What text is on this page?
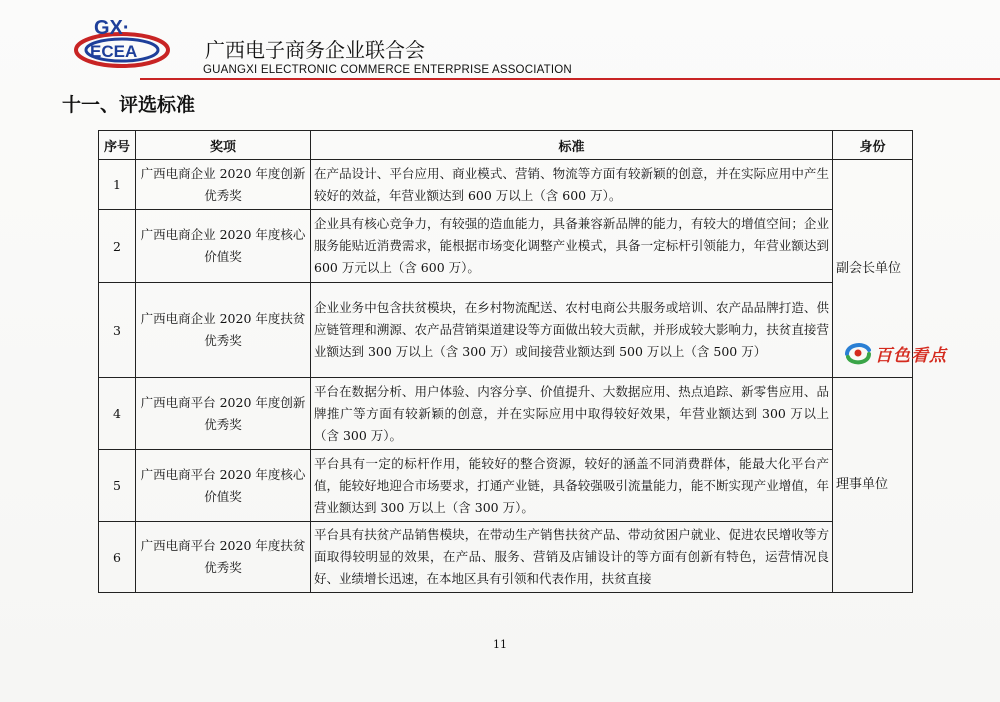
GX·
ECEA	广西电子商务企业联合会
GUANGXI ELECTRONIC COMMERCE ENTERPRISE ASSOCIATION
十一、评选标准
序号	奖项	标准	身份
1	广西电商企业 2020 年度创新优秀奖	在产品设计、平台应用、商业模式、营销、物流等方面有较新颖的创意，并在实际应用中产生较好的效益，年营业额达到 600 万以上（含 600 万）。	副会长单位
2	广西电商企业 2020 年度核心价值奖	企业具有核心竞争力，有较强的造血能力，具备兼容新品牌的能力，有较大的增值空间；企业服务能贴近消费需求，能根据市场变化调整产业模式，具备一定标杆引领能力，年营业额达到 600 万元以上（含 600 万）。	
3	广西电商企业 2020 年度扶贫优秀奖	企业业务中包含扶贫模块，在乡村物流配送、农村电商公共服务或培训、农产品品牌打造、供应链管理和溯源、农产品营销渠道建设等方面做出较大贡献，并形成较大影响力，扶贫直接营业额达到 300 万以上（含 300 万）或间接营业额达到 500 万以上（含 500 万）	
4	广西电商平台 2020 年度创新优秀奖	平台在数据分析、用户体验、内容分享、价值提升、大数据应用、热点追踪、新零售应用、品牌推广等方面有较新颖的创意，并在实际应用中取得较好效果，年营业额达到 300 万以上（含 300 万）。	理事单位
5	广西电商平台 2020 年度核心价值奖	平台具有一定的标杆作用，能较好的整合资源，较好的涵盖不同消费群体，能最大化平台产值，能较好地迎合市场要求，打通产业链，具备较强吸引流量能力，能不断实现产业增值，年营业额达到 300 万以上（含 300 万）。	
6	广西电商平台 2020 年度扶贫优秀奖	平台具有扶贫产品销售模块，在带动生产销售扶贫产品、带动贫困户就业、促进农民增收等方面取得较明显的效果，在产品、服务、营销及店铺设计的等方面有创新有特色，运营情况良好、业绩增长迅速，在本地区具有引领和代表作用，扶贫直接	
11
百色看点
